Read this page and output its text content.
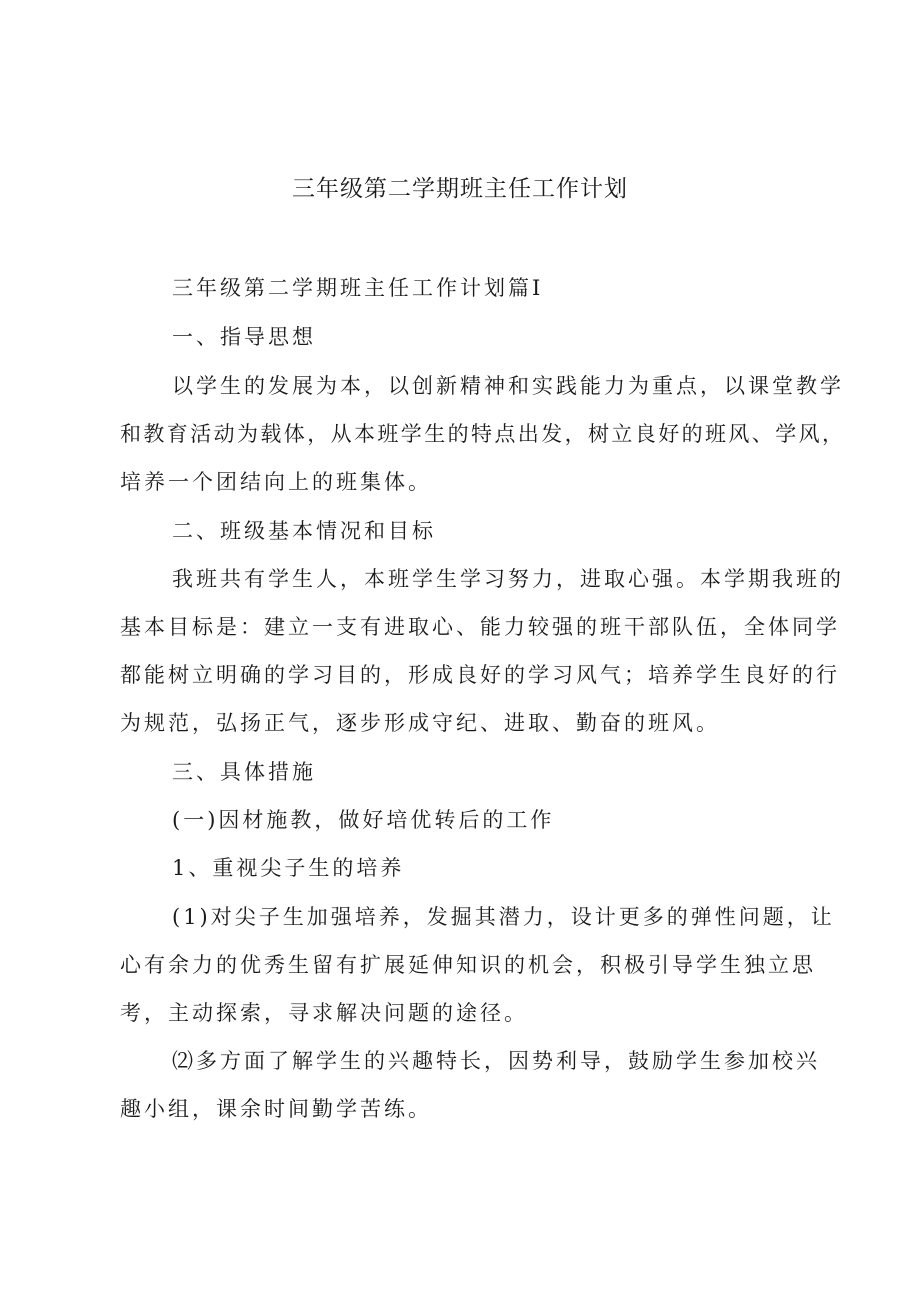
三年级第二学期班主任工作计划
三年级第二学期班主任工作计划篇Ⅰ
一、指导思想
以学生的发展为本，以创新精神和实践能力为重点，以课堂教学
和教育活动为载体，从本班学生的特点出发，树立良好的班风、学风，
培养一个团结向上的班集体。
二、班级基本情况和目标
我班共有学生人，本班学生学习努力，进取心强。本学期我班的
基本目标是：建立一支有进取心、能力较强的班干部队伍，全体同学
都能树立明确的学习目的，形成良好的学习风气；培养学生良好的行
为规范，弘扬正气，逐步形成守纪、进取、勤奋的班风。
三、具体措施
(一)因材施教，做好培优转后的工作
1、重视尖子生的培养
(1)对尖子生加强培养，发掘其潜力，设计更多的弹性问题，让
心有余力的优秀生留有扩展延伸知识的机会，积极引导学生独立思
考，主动探索，寻求解决问题的途径。
⑵多方面了解学生的兴趣特长，因势利导，鼓励学生参加校兴
趣小组，课余时间勤学苦练。
